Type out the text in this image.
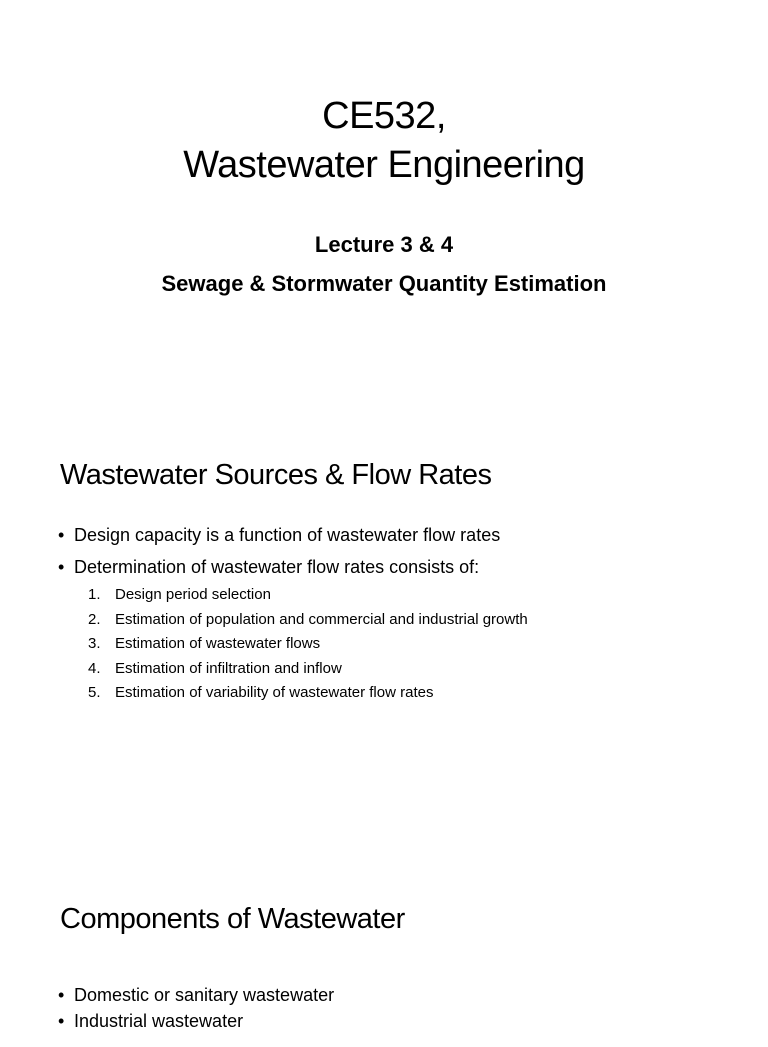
CE532,
Wastewater Engineering

Lecture 3 & 4

Sewage & Stormwater Quantity Estimation

Wastewater Sources & Flow Rates
• Design capacity is a function of wastewater flow rates
• Determination of wastewater flow rates consists of:
1. Design period selection
2. Estimation of population and commercial and industrial growth
3. Estimation of wastewater flows
4. Estimation of infiltration and inflow
5. Estimation of variability of wastewater flow rates
Components of Wastewater
• Domestic or sanitary wastewater
• Industrial wastewater
